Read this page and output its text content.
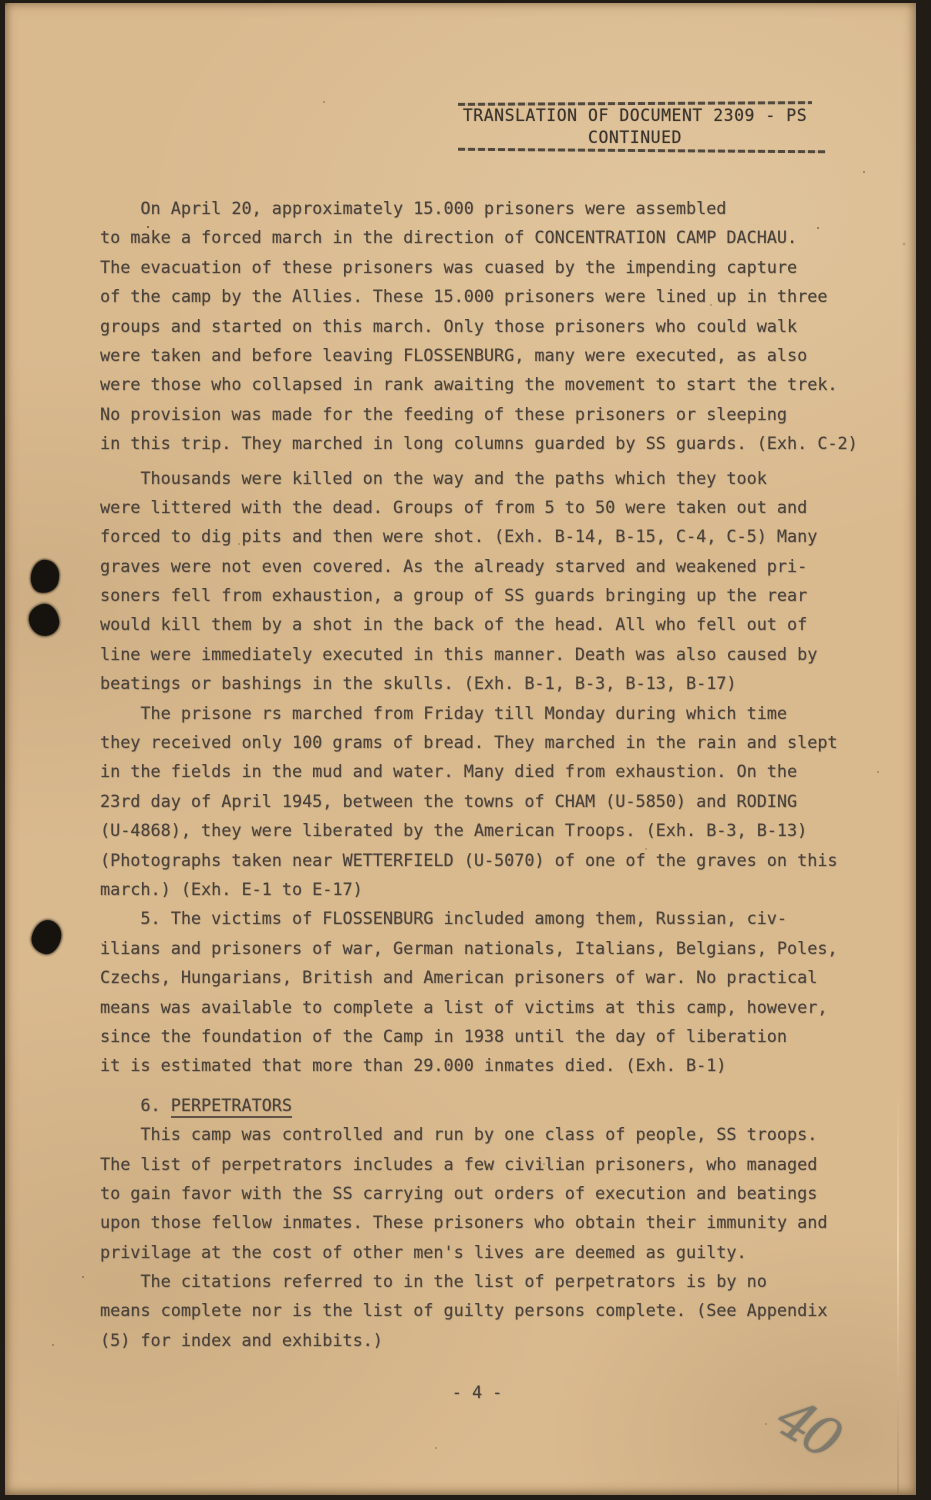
TRANSLATION OF DOCUMENT 2309 - PS
CONTINUED
On April 20, approximately 15.000 prisoners were assembled
to make a forced march in the direction of CONCENTRATION CAMP DACHAU.
The evacuation of these prisoners was cuased by the impending capture
of the camp by the Allies. These 15.000 prisoners were lined up in three
groups and started on this march. Only those prisoners who could walk
were taken and before leaving FLOSSENBURG, many were executed, as also
were those who collapsed in rank awaiting the movement to start the trek.
No provision was made for the feeding of these prisoners or sleeping
in this trip. They marched in long columns guarded by SS guards. (Exh. C-2)
Thousands were killed on the way and the paths which they took
were littered with the dead. Groups of from 5 to 50 were taken out and
forced to dig pits and then were shot. (Exh. B-14, B-15, C-4, C-5) Many
graves were not even covered. As the already starved and weakened pri-
soners fell from exhaustion, a group of SS guards bringing up the rear
would kill them by a shot in the back of the head. All who fell out of
line were immediately executed in this manner. Death was also caused by
beatings or bashings in the skulls. (Exh. B-1, B-3, B-13, B-17)
The prisone rs marched from Friday till Monday during which time
they received only 100 grams of bread. They marched in the rain and slept
in the fields in the mud and water. Many died from exhaustion. On the
23rd day of April 1945, between the towns of CHAM (U-5850) and RODING
(U-4868), they were liberated by the American Troops. (Exh. B-3, B-13)
(Photographs taken near WETTERFIELD (U-5070) of one of the graves on this
march.) (Exh. E-1 to E-17)
5. The victims of FLOSSENBURG included among them, Russian, civ-
ilians and prisoners of war, German nationals, Italians, Belgians, Poles,
Czechs, Hungarians, British and American prisoners of war. No practical
means was available to complete a list of victims at this camp, however,
since the foundation of the Camp in 1938 until the day of liberation
it is estimated that more than 29.000 inmates died. (Exh. B-1)
6. PERPETRATORS
This camp was controlled and run by one class of people, SS troops.
The list of perpetrators includes a few civilian prisoners, who managed
to gain favor with the SS carrying out orders of execution and beatings
upon those fellow inmates. These prisoners who obtain their immunity and
privilage at the cost of other men's lives are deemed as guilty.
The citations referred to in the list of perpetrators is by no
means complete nor is the list of guilty persons complete. (See Appendix
(5) for index and exhibits.)
- 4 -	40
